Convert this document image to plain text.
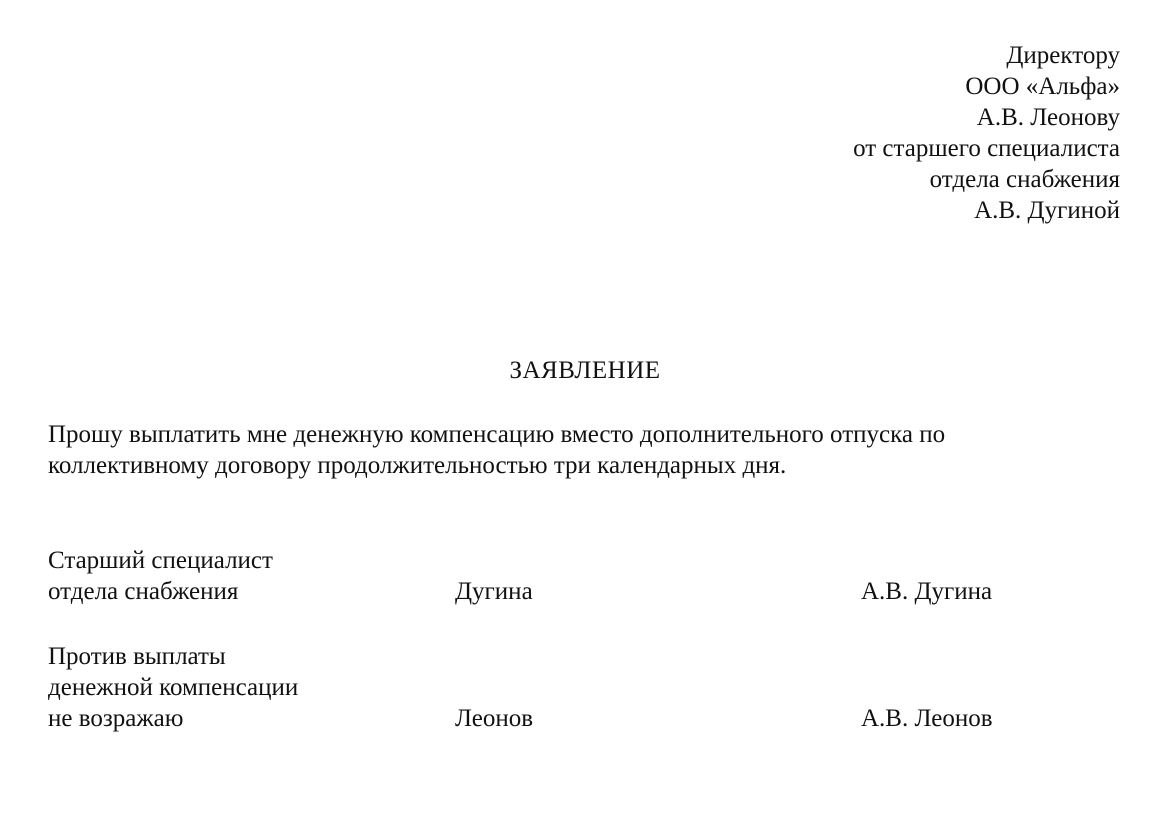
Директору
ООО «Альфа»
А.В. Леонову
от старшего специалиста
отдела снабжения
А.В. Дугиной
ЗАЯВЛЕНИЕ
Прошу выплатить мне денежную компенсацию вместо дополнительного отпуска по
коллективному договору продолжительностью три календарных дня.
Старший специалист
отдела снабжения	Дугина	А.В. Дугина
Против выплаты
денежной компенсации
не возражаю	Леонов	А.В. Леонов
